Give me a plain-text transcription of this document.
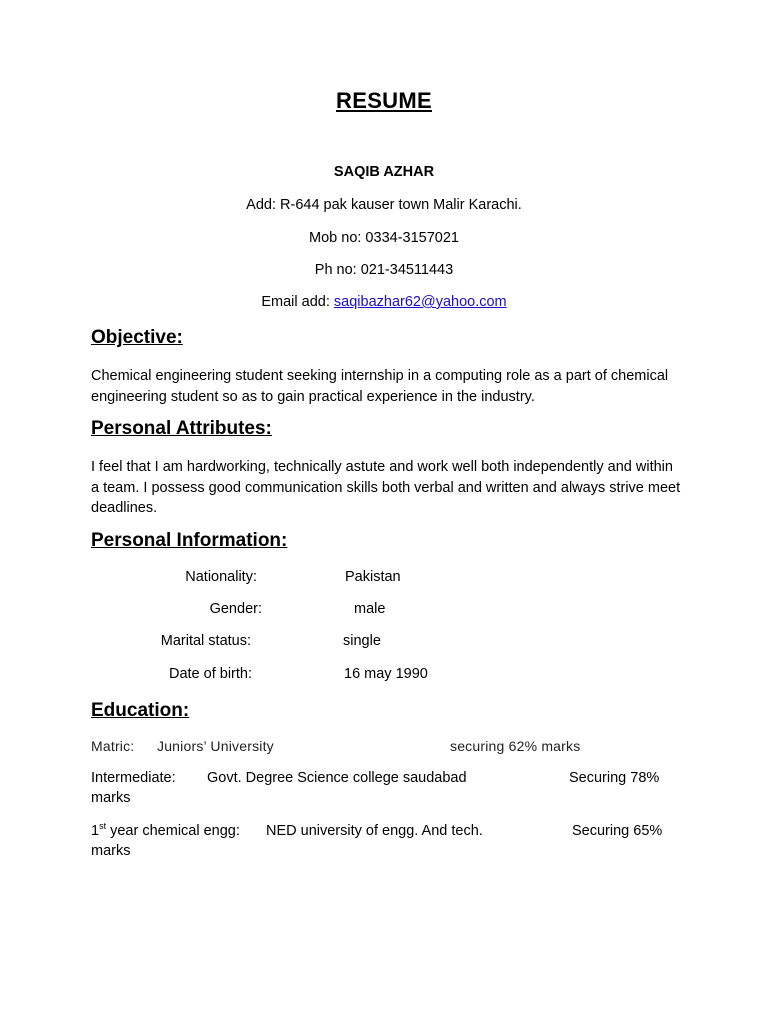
RESUME
SAQIB AZHAR
Add: R-644 pak kauser town Malir Karachi.
Mob no: 0334-3157021
Ph no: 021-34511443
Email add: saqibazhar62@yahoo.com
Objective:
Chemical engineering student seeking internship in a computing role as a part of chemical engineering student so as to gain practical experience in the industry.
Personal Attributes:
I feel that I am hardworking, technically astute and work well both independently and within a team. I possess good communication skills both verbal and written and always strive meet deadlines.
Personal Information:
Nationality:	Pakistan
Gender:	male
Marital status:	single
Date of birth:	16 may 1990
Education:
Matric: Juniors’ University	securing 62% marks
Intermediate: Govt. Degree Science college saudabad	Securing 78%
marks
1st year chemical engg: NED university of engg. And tech.	Securing 65%
marks
